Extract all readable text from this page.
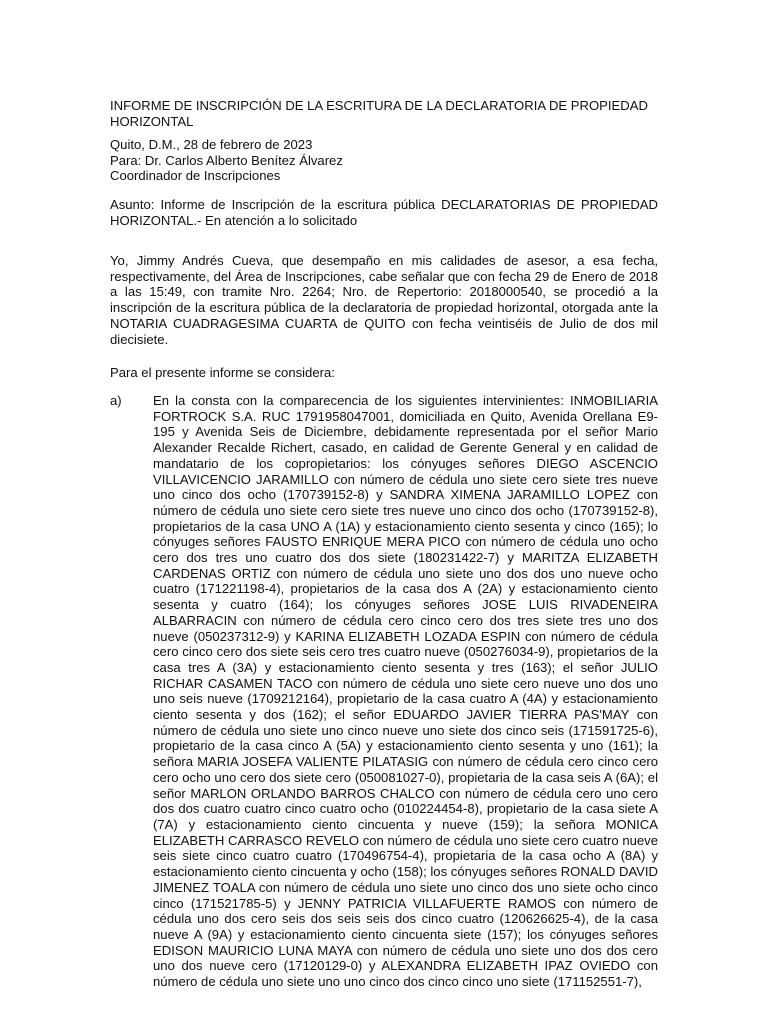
INFORME DE INSCRIPCIÓN DE LA ESCRITURA DE LA DECLARATORIA DE PROPIEDAD HORIZONTAL

Quito, D.M., 28 de febrero de 2023

Para: Dr. Carlos Alberto Benítez Álvarez

Coordinador de Inscripciones

Asunto: Informe de Inscripción de la escritura pública DECLARATORIAS DE PROPIEDAD HORIZONTAL.- En atención a lo solicitado

Yo, Jimmy Andrés Cueva, que desempaño en mis calidades de asesor, a esa fecha, respectivamente, del Área de Inscripciones, cabe señalar que con fecha 29 de Enero de 2018 a las 15:49, con tramite Nro. 2264; Nro. de Repertorio: 2018000540, se procedió a la inscripción de la escritura pública de la declaratoria de propiedad horizontal, otorgada ante la NOTARIA CUADRAGESIMA CUARTA de QUITO con fecha veintiséis de Julio de dos mil diecisiete.

Para el presente informe se considera:

a) En la consta con la comparecencia de los siguientes intervinientes: INMOBILIARIA FORTROCK S.A. RUC 1791958047001, domiciliada en Quito, Avenida Orellana E9-195 y Avenida Seis de Diciembre, debidamente representada por el señor Mario Alexander Recalde Richert, casado, en calidad de Gerente General y en calidad de mandatario de los copropietarios: los cónyuges señores DIEGO ASCENCIO VILLAVICENCIO JARAMILLO con número de cédula uno siete cero siete tres nueve uno cinco dos ocho (170739152-8) y SANDRA XIMENA JARAMILLO LOPEZ con número de cédula uno siete cero siete tres nueve uno cinco dos ocho (170739152-8), propietarios de la casa UNO A (1A) y estacionamiento ciento sesenta y cinco (165); lo cónyuges señores FAUSTO ENRIQUE MERA PICO con número de cédula uno ocho cero dos tres uno cuatro dos dos siete (180231422-7) y MARITZA ELIZABETH CARDENAS ORTIZ con número de cédula uno siete uno dos dos uno nueve ocho cuatro (171221198-4), propietarios de la casa dos A (2A) y estacionamiento ciento sesenta y cuatro (164); los cónyuges señores JOSE LUIS RIVADENEIRA ALBARRACIN con número de cédula cero cinco cero dos tres siete tres uno dos nueve (050237312-9) y KARINA ELIZABETH LOZADA ESPIN con número de cédula cero cinco cero dos siete seis cero tres cuatro nueve (050276034-9), propietarios de la casa tres A (3A) y estacionamiento ciento sesenta y tres (163); el señor JULIO RICHAR CASAMEN TACO con número de cédula uno siete cero nueve uno dos uno uno seis nueve (1709212164), propietario de la casa cuatro A (4A) y estacionamiento ciento sesenta y dos (162); el señor EDUARDO JAVIER TIERRA PAS'MAY con número de cédula uno siete uno cinco nueve uno siete dos cinco seis (171591725-6), propietario de la casa cinco A (5A) y estacionamiento ciento sesenta y uno (161); la señora MARIA JOSEFA VALIENTE PILATASIG con número de cédula cero cinco cero cero ocho uno cero dos siete cero (050081027-0), propietaria de la casa seis A (6A); el señor MARLON ORLANDO BARROS CHALCO con número de cédula cero uno cero dos dos cuatro cuatro cinco cuatro ocho (010224454-8), propietario de la casa siete A (7A) y estacionamiento ciento cincuenta y nueve (159); la señora MONICA ELIZABETH CARRASCO REVELO con número de cédula uno siete cero cuatro nueve seis siete cinco cuatro cuatro (170496754-4), propietaria de la casa ocho A (8A) y estacionamiento ciento cincuenta y ocho (158); los cónyuges señores RONALD DAVID JIMENEZ TOALA con número de cédula uno siete uno cinco dos uno siete ocho cinco cinco (171521785-5) y JENNY PATRICIA VILLAFUERTE RAMOS con número de cédula uno dos cero seis dos seis seis dos cinco cuatro (120626625-4), de la casa nueve A (9A) y estacionamiento ciento cincuenta siete (157); los cónyuges señores EDISON MAURICIO LUNA MAYA con número de cédula uno siete uno dos dos cero uno dos nueve cero (17120129-0) y ALEXANDRA ELIZABETH IPAZ OVIEDO con número de cédula uno siete uno uno cinco dos cinco cinco uno siete (171152551-7),
